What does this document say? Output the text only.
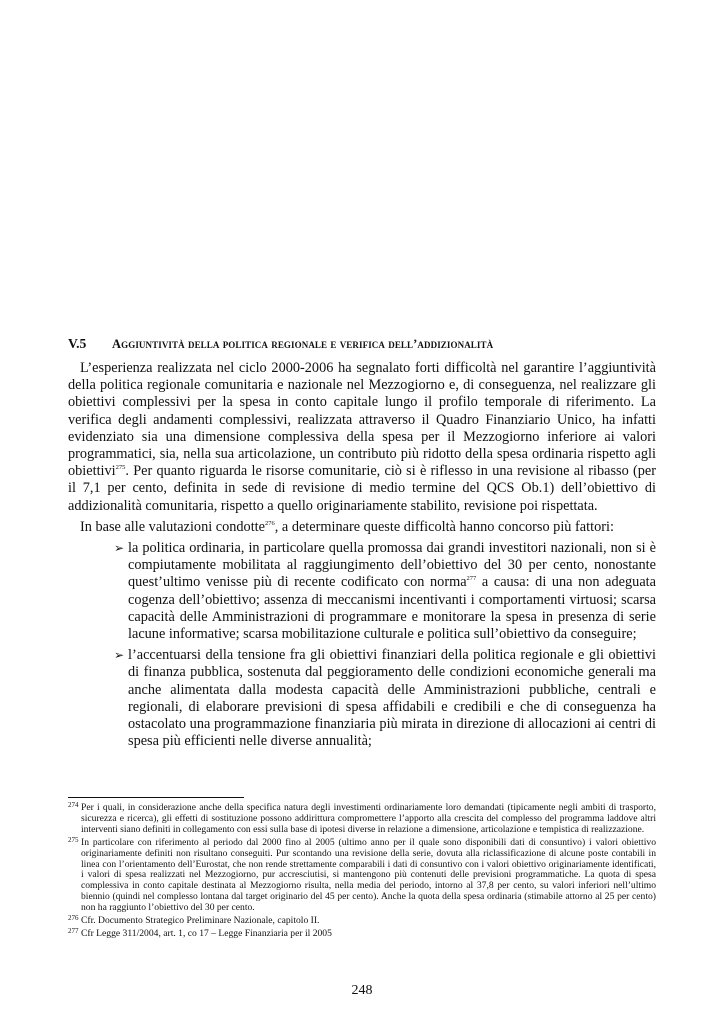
V.5 Aggiuntività della politica regionale e verifica dell’addizionalità

L’esperienza realizzata nel ciclo 2000-2006 ha segnalato forti difficoltà nel garantire l’aggiuntività della politica regionale comunitaria e nazionale nel Mezzogiorno e, di conseguenza, nel realizzare gli obiettivi complessivi per la spesa in conto capitale lungo il profilo temporale di riferimento. La verifica degli andamenti complessivi, realizzata attraverso il Quadro Finanziario Unico, ha infatti evidenziato sia una dimensione complessiva della spesa per il Mezzogiorno inferiore ai valori programmatici, sia, nella sua articolazione, un contributo più ridotto della spesa ordinaria rispetto agli obiettivi$^{275}$. Per quanto riguarda le risorse comunitarie, ciò si è riflesso in una revisione al ribasso (per il 7,1 per cento, definita in sede di revisione di medio termine del QCS Ob.1) dell’obiettivo di addizionalità comunitaria, rispetto a quello originariamente stabilito, revisione poi rispettata.

In base alle valutazioni condotte$^{276}$, a determinare queste difficoltà hanno concorso più fattori:

➢ la politica ordinaria, in particolare quella promossa dai grandi investitori nazionali, non si è compiutamente mobilitata al raggiungimento dell’obiettivo del 30 per cento, nonostante quest’ultimo venisse più di recente codificato con norma$^{277}$ a causa: di una non adeguata cogenza dell’obiettivo; assenza di meccanismi incentivanti i comportamenti virtuosi; scarsa capacità delle Amministrazioni di programmare e monitorare la spesa in presenza di serie lacune informative; scarsa mobilitazione culturale e politica sull’obiettivo da conseguire;
➢ l’accentuarsi della tensione fra gli obiettivi finanziari della politica regionale e gli obiettivi di finanza pubblica, sostenuta dal peggioramento delle condizioni economiche generali ma anche alimentata dalla modesta capacità delle Amministrazioni pubbliche, centrali e regionali, di elaborare previsioni di spesa affidabili e credibili e che di conseguenza ha ostacolato una programmazione finanziaria più mirata in direzione di allocazioni ai centri di spesa più efficienti nelle diverse annualità;
274 Per i quali, in considerazione anche della specifica natura degli investimenti ordinariamente loro demandati (tipicamente negli ambiti di trasporto, sicurezza e ricerca), gli effetti di sostituzione possono addirittura compromettere l’apporto alla crescita del complesso del programma laddove altri interventi siano definiti in collegamento con essi sulla base di ipotesi diverse in relazione a dimensione, articolazione e tempistica di realizzazione.
275 In particolare con riferimento al periodo dal 2000 fino al 2005 (ultimo anno per il quale sono disponibili dati di consuntivo) i valori obiettivo originariamente definiti non risultano conseguiti. Pur scontando una revisione della serie, dovuta alla riclassificazione di alcune poste contabili in linea con l’orientamento dell’Eurostat, che non rende strettamente comparabili i dati di consuntivo con i valori obiettivo originariamente identificati, i valori di spesa realizzati nel Mezzogiorno, pur accresciutisi, si mantengono più contenuti delle previsioni programmatiche. La quota di spesa complessiva in conto capitale destinata al Mezzogiorno risulta, nella media del periodo, intorno al 37,8 per cento, su valori inferiori nell’ultimo biennio (quindi nel complesso lontana dal target originario del 45 per cento). Anche la quota della spesa ordinaria (stimabile attorno al 25 per cento) non ha raggiunto l’obiettivo del 30 per cento.
276 Cfr. Documento Strategico Preliminare Nazionale, capitolo II.
277 Cfr Legge 311/2004, art. 1, co 17 – Legge Finanziaria per il 2005
248
